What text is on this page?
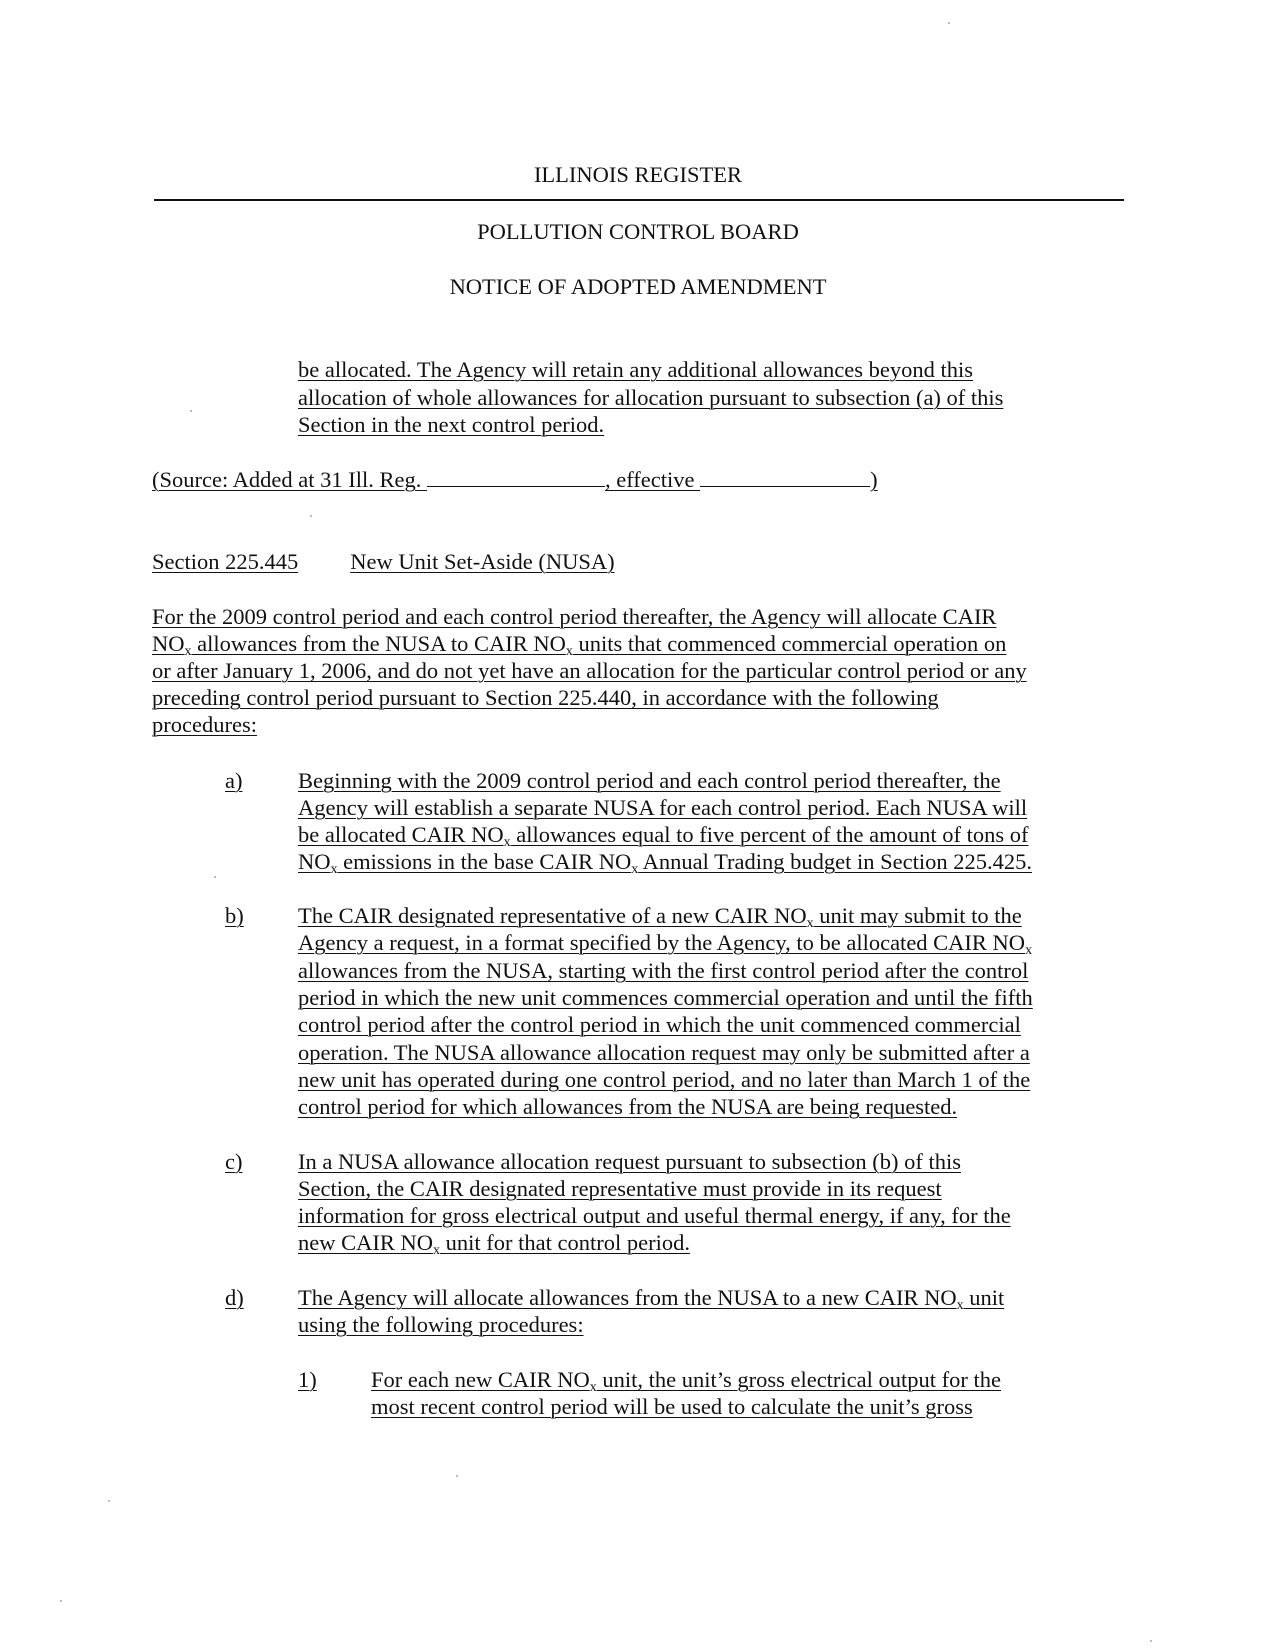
ILLINOIS REGISTER
POLLUTION CONTROL BOARD
NOTICE OF ADOPTED AMENDMENT
be allocated. The Agency will retain any additional allowances beyond this
allocation of whole allowances for allocation pursuant to subsection (a) of this
Section in the next control period.
(Source: Added at 31 Ill. Reg.	, effective	)
Section 225.445 New Unit Set-Aside (NUSA)
For the 2009 control period and each control period thereafter, the Agency will allocate CAIR
$NO_x$ allowances from the NUSA to CAIR $NO_x$ units that commenced commercial operation on
or after January 1, 2006, and do not yet have an allocation for the particular control period or any
preceding control period pursuant to Section 225.440, in accordance with the following
procedures:
a)	Beginning with the 2009 control period and each control period thereafter, the
Agency will establish a separate NUSA for each control period. Each NUSA will
be allocated CAIR $NO_x$ allowances equal to five percent of the amount of tons of
$NO_x$ emissions in the base CAIR $NO_x$ Annual Trading budget in Section 225.425.
b)	The CAIR designated representative of a new CAIR $NO_x$ unit may submit to the
Agency a request, in a format specified by the Agency, to be allocated CAIR $NO_x$
allowances from the NUSA, starting with the first control period after the control
period in which the new unit commences commercial operation and until the fifth
control period after the control period in which the unit commenced commercial
operation. The NUSA allowance allocation request may only be submitted after a
new unit has operated during one control period, and no later than March 1 of the
control period for which allowances from the NUSA are being requested.
c)	In a NUSA allowance allocation request pursuant to subsection (b) of this
Section, the CAIR designated representative must provide in its request
information for gross electrical output and useful thermal energy, if any, for the
new CAIR $NO_x$ unit for that control period.
d)	The Agency will allocate allowances from the NUSA to a new CAIR $NO_x$ unit
using the following procedures:
1)	For each new CAIR $NO_x$ unit, the unit’s gross electrical output for the
most recent control period will be used to calculate the unit’s gross
